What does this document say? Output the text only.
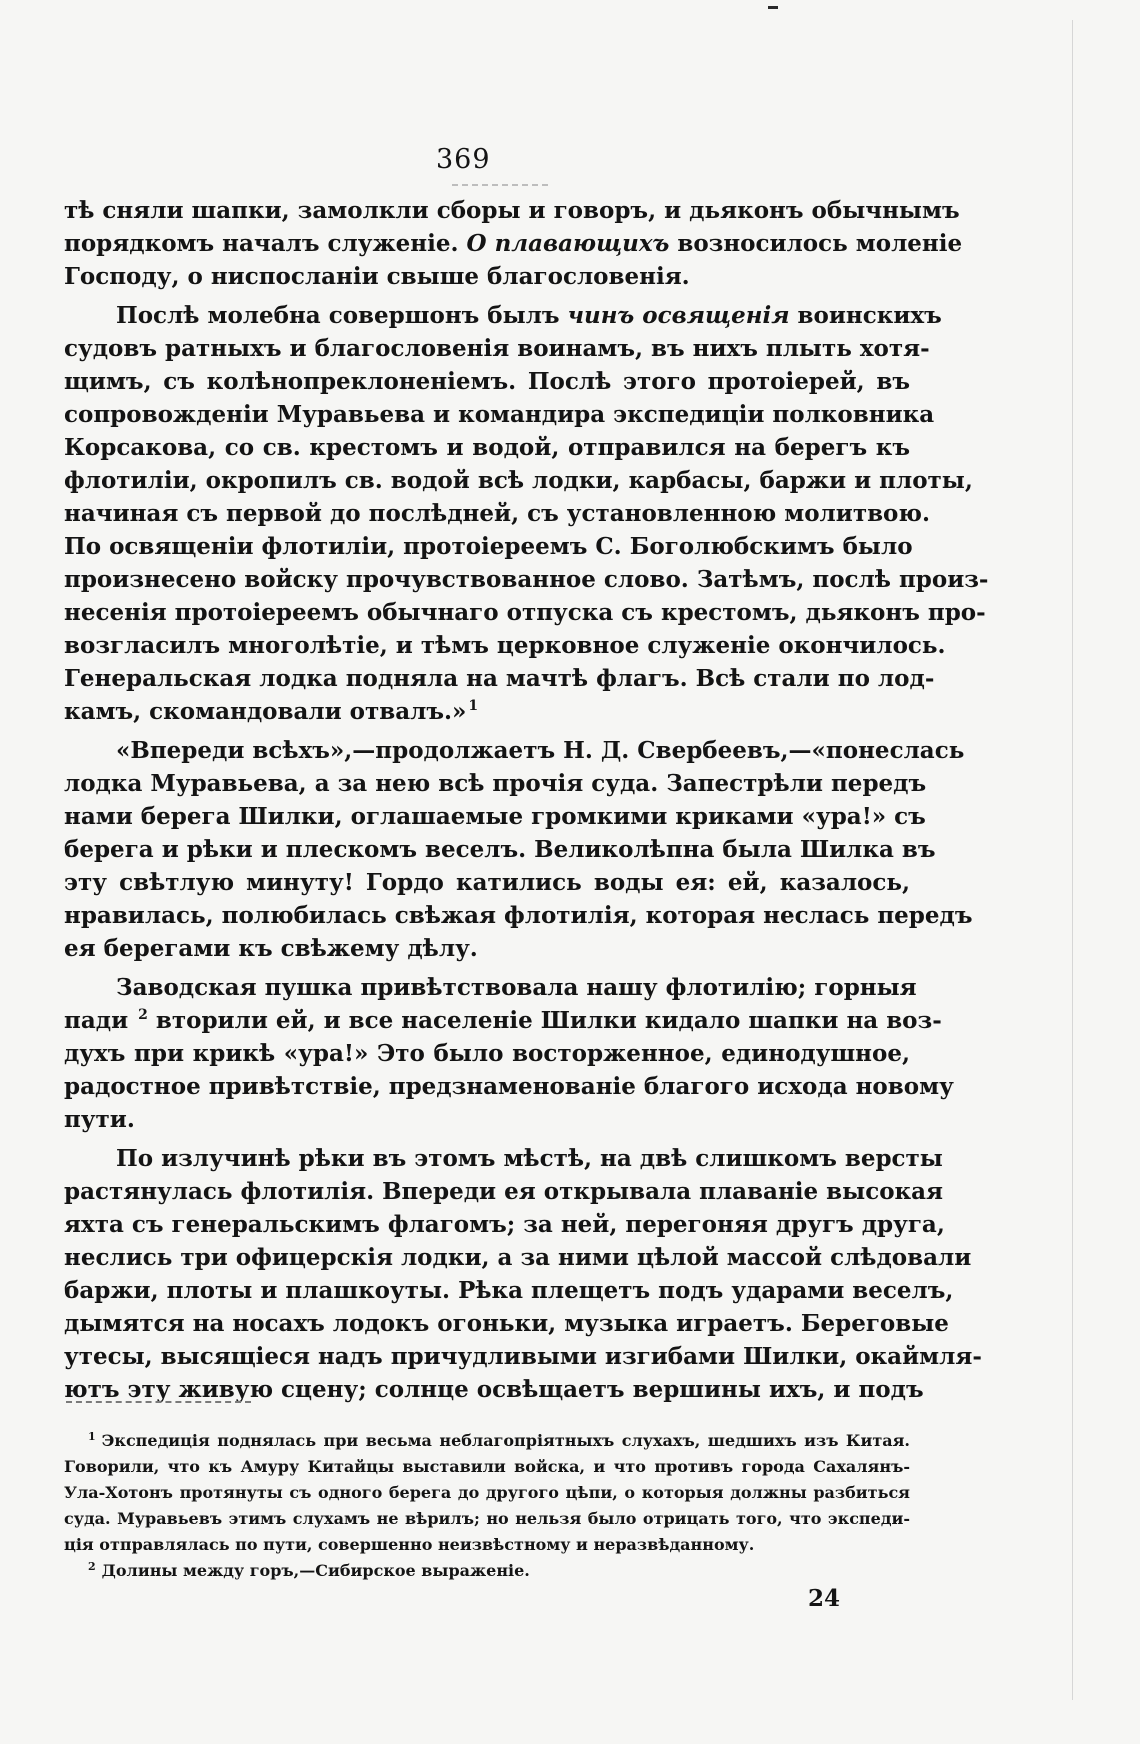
369
тѣ сняли шапки, замолкли сборы и говоръ, и дьяконъ обычнымъ
порядкомъ началъ служеніе. О плавающихъ возносилось моленіе
Господу, о ниспосланіи свыше благословенія.
Послѣ молебна совершонъ былъ чинъ освященія воинскихъ
судовъ ратныхъ и благословенія воинамъ, въ нихъ плыть хотя-
щимъ, съ колѣнопреклоненіемъ. Послѣ этого протоіерей, въ
сопровожденіи Муравьева и командира экспедиціи полковника
Корсакова, со св. крестомъ и водой, отправился на берегъ къ
флотиліи, окропилъ св. водой всѣ лодки, карбасы, баржи и плоты,
начиная съ первой до послѣдней, съ установленною молитвою.
По освященіи флотиліи, протоіереемъ С. Боголюбскимъ было
произнесено войску прочувствованное слово. Затѣмъ, послѣ произ-
несенія протоіереемъ обычнаго отпуска съ крестомъ, дьяконъ про-
возгласилъ многолѣтіе, и тѣмъ церковное служеніе окончилось.
Генеральская лодка подняла на мачтѣ флагъ. Всѣ стали по лод-
камъ, скомандовали отвалъ.» $^1$
«Впереди всѣхъ»,—продолжаетъ Н. Д. Свербеевъ,—«понеслась
лодка Муравьева, а за нею всѣ прочія суда. Запестрѣли передъ
нами берега Шилки, оглашаемые громкими криками «ура!» съ
берега и рѣки и плескомъ веселъ. Великолѣпна была Шилка въ
эту свѣтлую минуту! Гордо катились воды ея: ей, казалось,
нравилась, полюбилась свѣжая флотилія, которая неслась передъ
ея берегами къ свѣжему дѣлу.
Заводская пушка привѣтствовала нашу флотилію; горныя
пади $^2$ вторили ей, и все населеніе Шилки кидало шапки на воз-
духъ при крикѣ «ура!» Это было восторженное, единодушное,
радостное привѣтствіе, предзнаменованіе благого исхода новому
пути.
По излучинѣ рѣки въ этомъ мѣстѣ, на двѣ слишкомъ версты
растянулась флотилія. Впереди ея открывала плаваніе высокая
яхта съ генеральскимъ флагомъ; за ней, перегоняя другъ друга,
неслись три офицерскія лодки, а за ними цѣлой массой слѣдовали
баржи, плоты и плашкоуты. Рѣка плещетъ подъ ударами веселъ,
дымятся на носахъ лодокъ огоньки, музыка играетъ. Береговые
утесы, высящіеся надъ причудливыми изгибами Шилки, окаймля-
ютъ эту живую сцену; солнце освѣщаетъ вершины ихъ, и подъ
$^1$ Экспедиція поднялась при весьма неблагопріятныхъ слухахъ, шедшихъ изъ Китая.
Говорили, что къ Амуру Китайцы выставили войска, и что противъ города Сахалянъ-
Ула-Хотонъ протянуты съ одного берега до другого цѣпи, о которыя должны разбиться
суда. Муравьевъ этимъ слухамъ не вѣрилъ; но нельзя было отрицать того, что экспеди-
ція отправлялась по пути, совершенно неизвѣстному и неразвѣданному.
$^2$ Долины между горъ,—Сибирское выраженіе.
24
